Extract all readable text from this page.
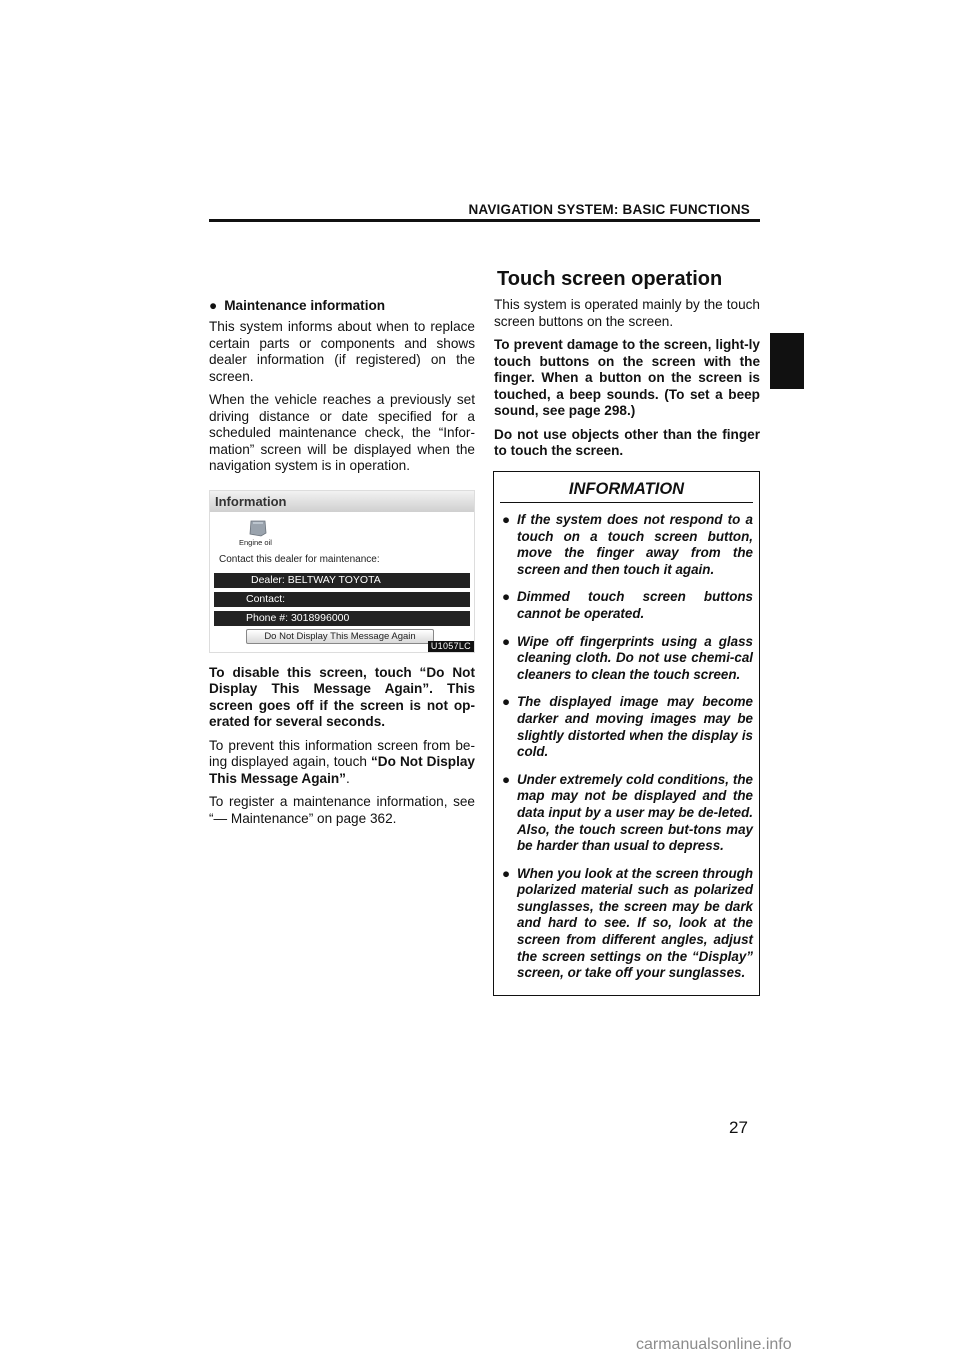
NAVIGATION SYSTEM: BASIC FUNCTIONS
Touch screen operation
● Maintenance information

This system informs about when to replace certain parts or components and shows dealer information (if registered) on the screen.

When the vehicle reaches a previously set driving distance or date specified for a scheduled maintenance check, the “Infor-mation” screen will be displayed when the navigation system is in operation.

Information
Engine oil
Contact this dealer for maintenance:
Dealer: BELTWAY TOYOTA
Contact:
Phone #: 3018996000
Do Not Display This Message Again
U1057LC

To disable this screen, touch “Do Not Display This Message Again”. This screen goes off if the screen is not op-erated for several seconds.

To prevent this information screen from be-ing displayed again, touch “Do Not Display This Message Again”.

To register a maintenance information, see “— Maintenance” on page 362.

This system is operated mainly by the touch screen buttons on the screen.

To prevent damage to the screen, light-ly touch buttons on the screen with the finger. When a button on the screen is touched, a beep sounds. (To set a beep sound, see page 298.)

Do not use objects other than the finger to touch the screen.

INFORMATION
● If the system does not respond to a touch on a touch screen button, move the finger away from the screen and then touch it again.
● Dimmed touch screen buttons cannot be operated.
● Wipe off fingerprints using a glass cleaning cloth. Do not use chemi-cal cleaners to clean the touch screen.
● The displayed image may become darker and moving images may be slightly distorted when the display is cold.
● Under extremely cold conditions, the map may not be displayed and the data input by a user may be de-leted. Also, the touch screen but-tons may be harder than usual to depress.
● When you look at the screen through polarized material such as polarized sunglasses, the screen may be dark and hard to see. If so, look at the screen from different angles, adjust the screen settings on the “Display” screen, or take off your sunglasses.
27
carmanualsonline.info
